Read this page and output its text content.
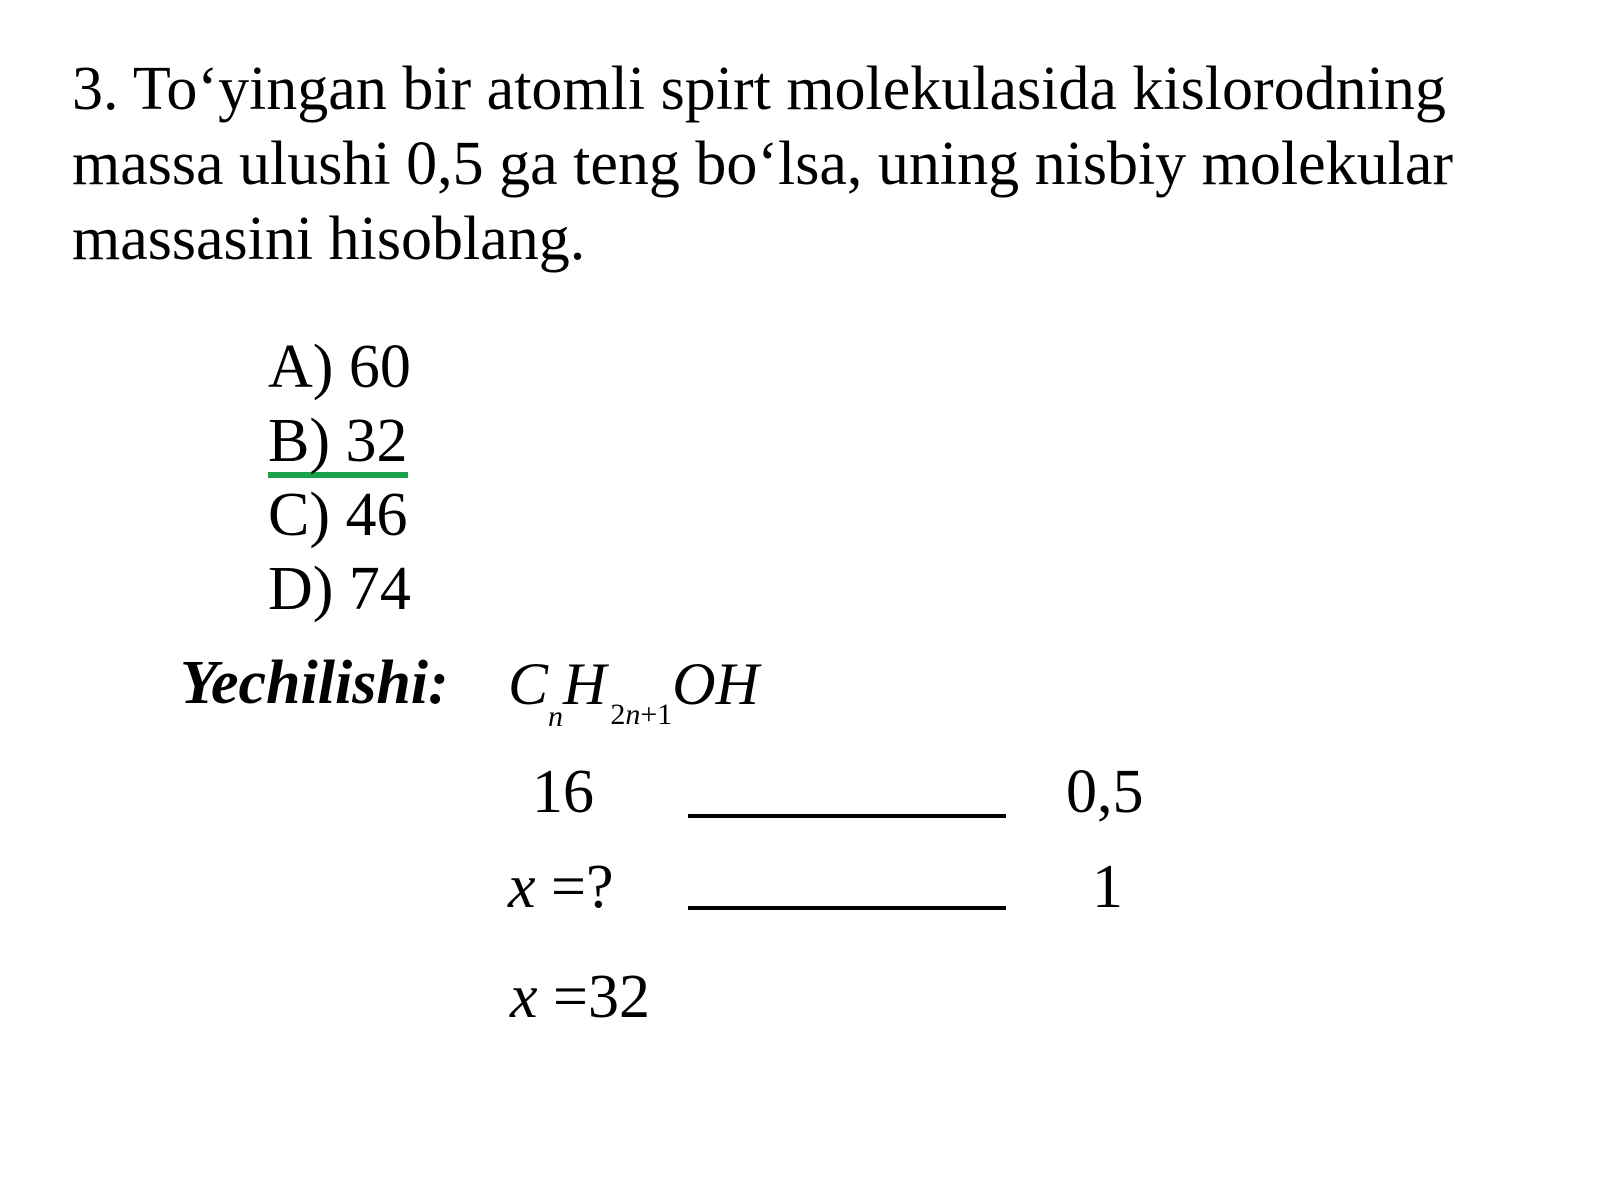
3. To‘yingan bir atomli spirt molekulasida kislorodning massa ulushi 0,5 ga teng bo‘lsa, uning nisbiy molekular massasini hisoblang.

A) 60
B) 32
C) 46
D) 74

Yechilishi: $C_nH$ $_{2n+1}$OH
16	0,5
x =?	1
x =32
